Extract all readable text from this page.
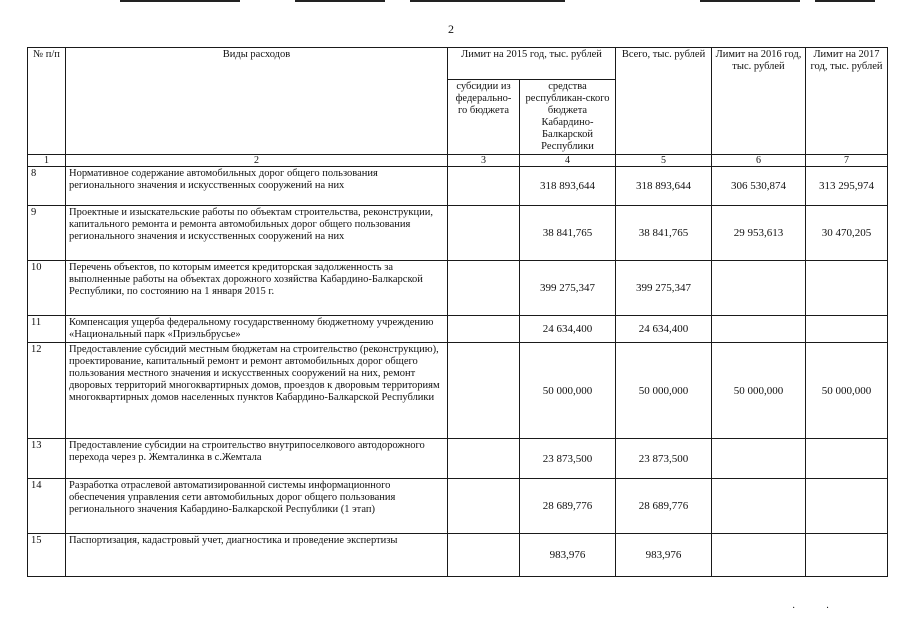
2
№ п/п	Виды расходов	Лимит на 2015 год, тыс. рублей		Всего, тыс. рублей	Лимит на 2016 год, тыс. рублей	Лимит на 2017 год, тыс. рублей
		субсидии из федерально-го бюджета	средства республикан-ского бюджета Кабардино-Балкарской Республики			
1	2	3	4	5	6	7
8	Нормативное содержание автомобильных дорог общего пользования регионального значения и искусственных сооружений на них		318 893,644	318 893,644	306 530,874	313 295,974
9	Проектные и изыскательские работы по объектам строительства, реконструкции, капитального ремонта и ремонта автомобильных дорог общего пользования регионального значения и искусственных сооружений на них		38 841,765	38 841,765	29 953,613	30 470,205
10	Перечень объектов, по которым имеется кредиторская задолженность за выполненные работы на объектах дорожного хозяйства Кабардино-Балкарской Республики, по состоянию на 1 января 2015 г.		399 275,347	399 275,347		
11	Компенсация ущерба федеральному государственному бюджетному учреждению «Национальный парк «Приэльбрусье»		24 634,400	24 634,400		
12	Предоставление субсидий местным бюджетам на строительство (реконструкцию), проектирование, капитальный ремонт и ремонт автомобильных дорог общего пользования местного значения и искусственных сооружений на них, ремонт дворовых территорий многоквартирных домов, проездов к дворовым территориям многоквартирных домов населенных пунктов Кабардино-Балкарской Республики		50 000,000	50 000,000	50 000,000	50 000,000
13	Предоставление субсидии на строительство внутрипоселкового автодорожного перехода через р. Жемталинка в с.Жемтала		23 873,500	23 873,500		
14	Разработка отраслевой автоматизированной системы информационного обеспечения управления сети автомобильных дорог общего пользования регионального значения Кабардино-Балкарской Республики (1 этап)		28 689,776	28 689,776		
15	Паспортизация, кадастровый учет, диагностика и проведение экспертизы		983,976	983,976		
· ·
